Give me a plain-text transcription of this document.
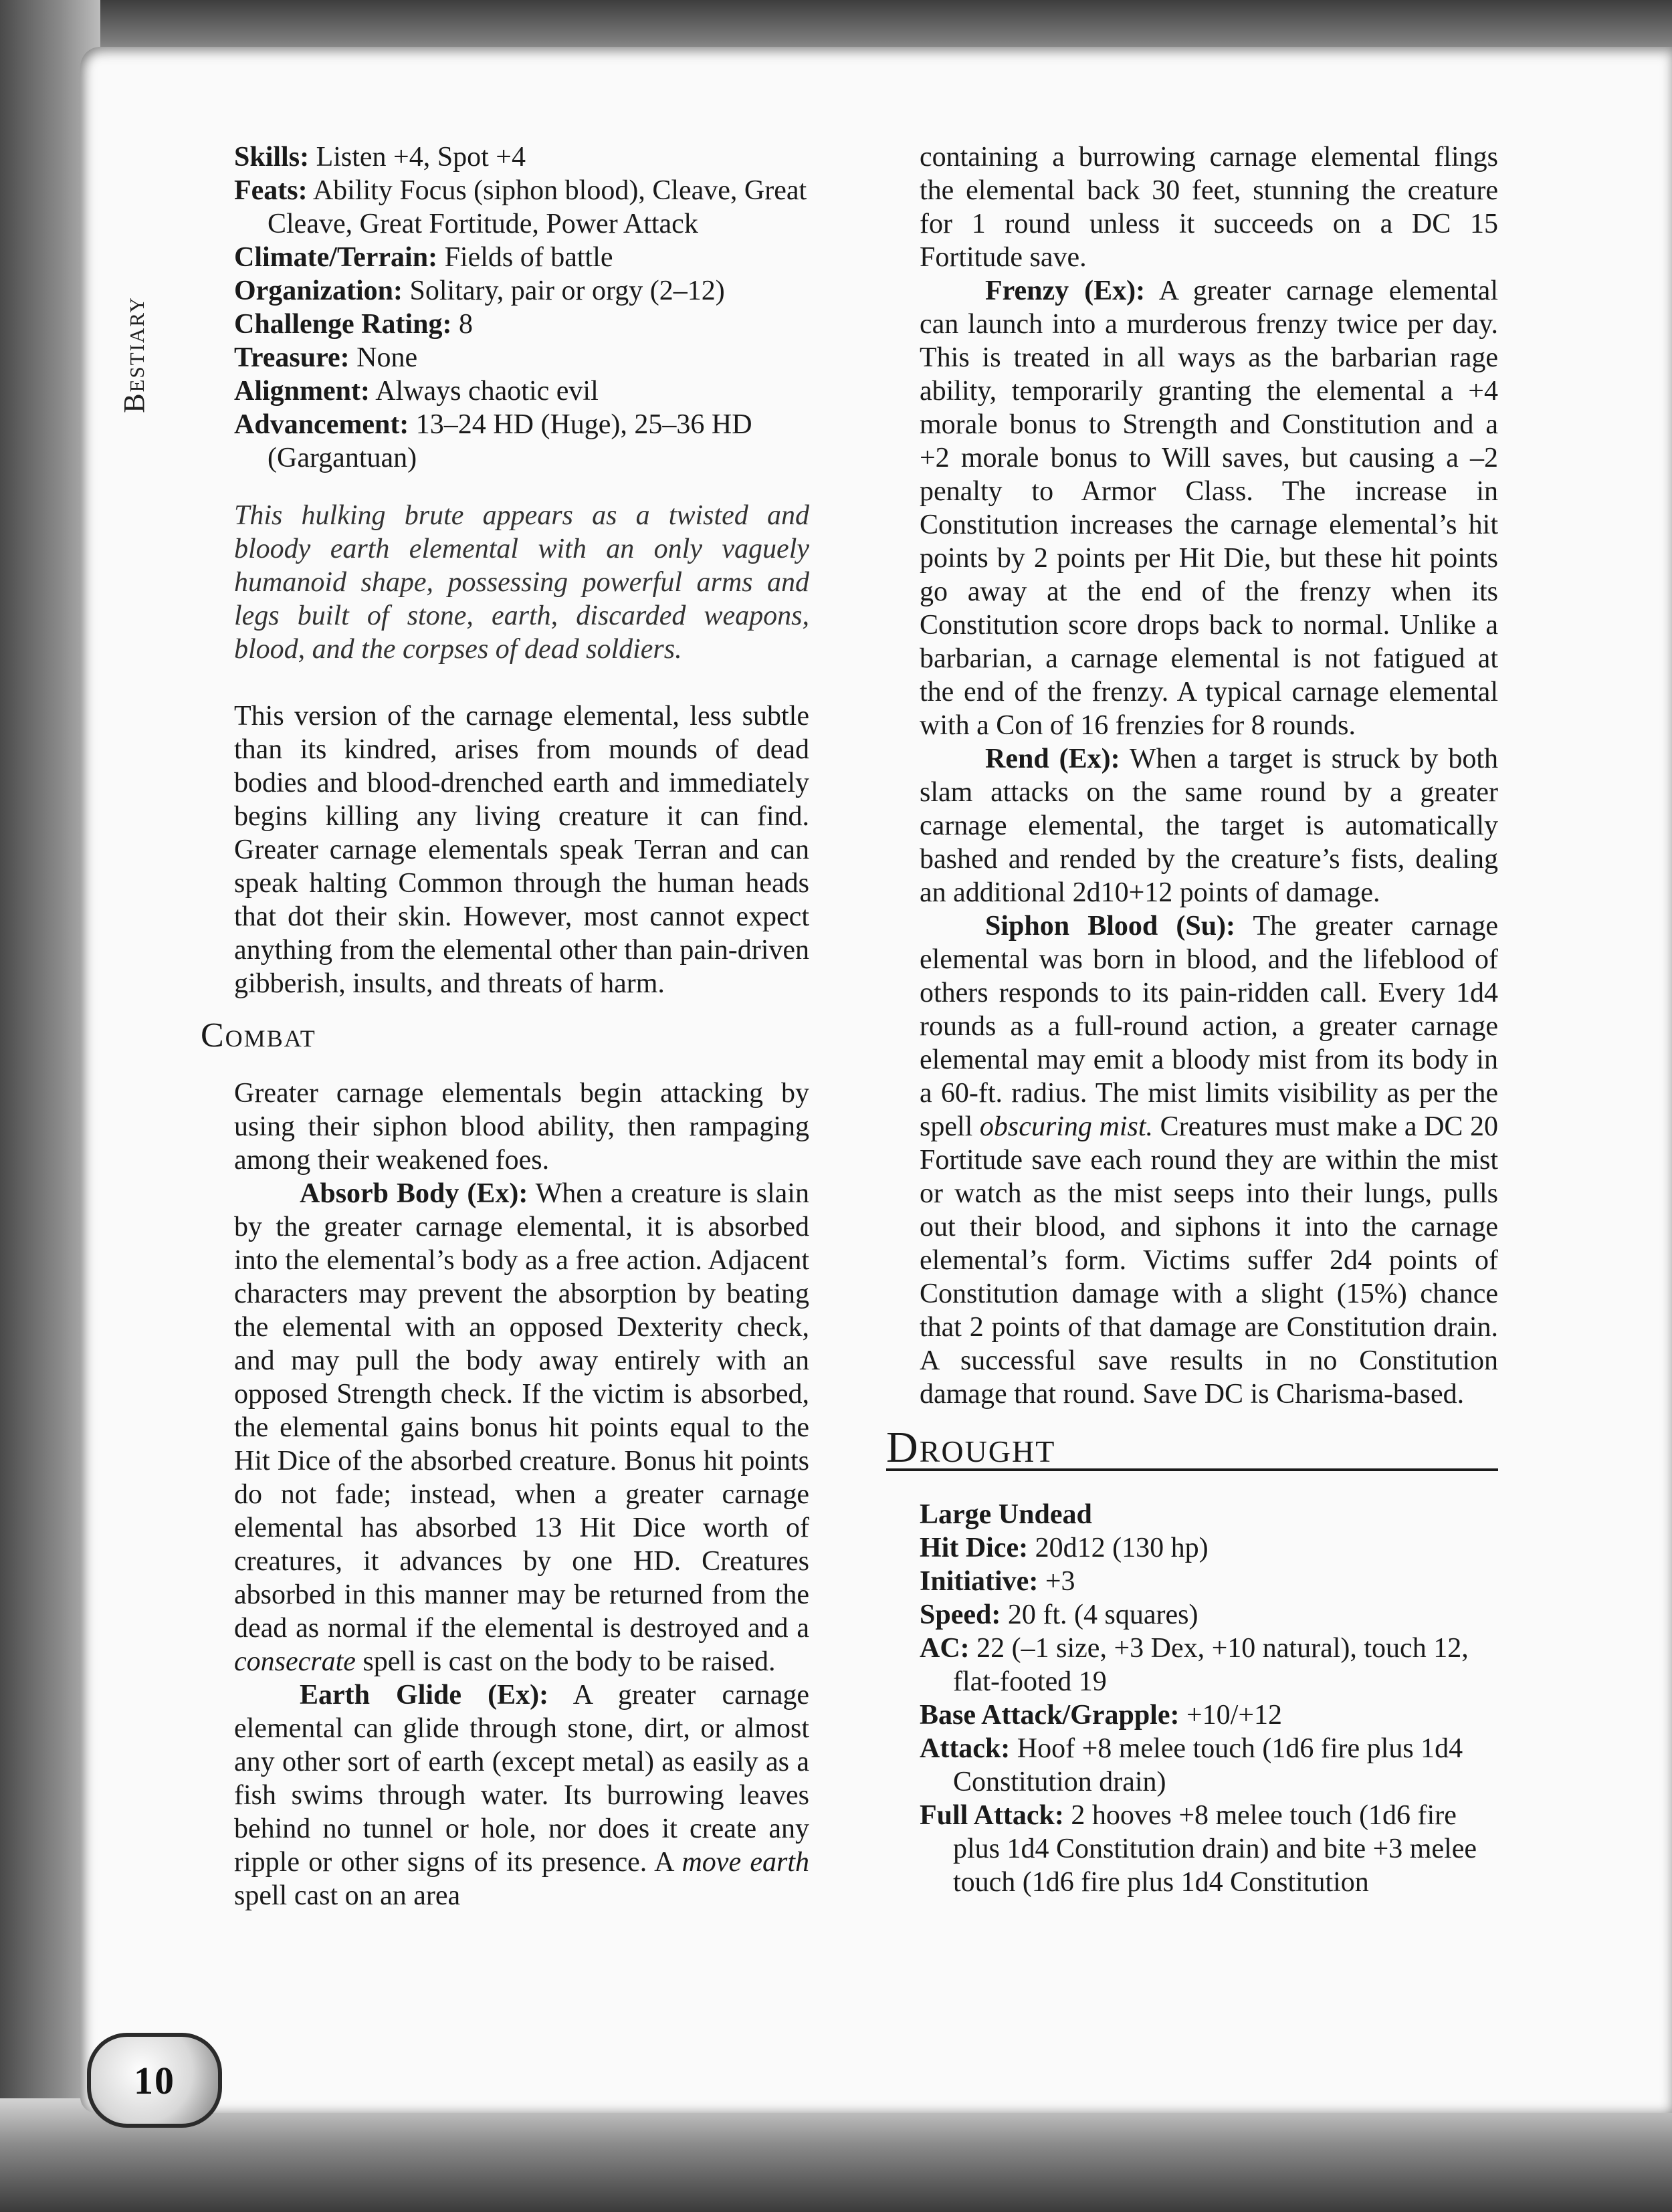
Bestiary
10

Skills: Listen +4, Spot +4

Feats: Ability Focus (siphon blood), Cleave, Great Cleave, Great Fortitude, Power Attack

Climate/Terrain: Fields of battle

Organization: Solitary, pair or orgy (2–12)

Challenge Rating: 8

Treasure: None

Alignment: Always chaotic evil

Advancement: 13–24 HD (Huge), 25–36 HD (Gargantuan)

This hulking brute appears as a twisted and bloody earth elemental with an only vaguely humanoid shape, possessing powerful arms and legs built of stone, earth, discarded weapons, blood, and the corpses of dead soldiers.

This version of the carnage elemental, less subtle than its kindred, arises from mounds of dead bodies and blood-drenched earth and immediately begins killing any living creature it can find. Greater carnage elementals speak Terran and can speak halting Common through the human heads that dot their skin. However, most cannot expect anything from the elemental other than pain-driven gibberish, insults, and threats of harm.

Combat

Greater carnage elementals begin attacking by using their siphon blood ability, then rampaging among their weakened foes.

Absorb Body (Ex): When a creature is slain by the greater carnage elemental, it is absorbed into the elemental’s body as a free action. Adjacent characters may prevent the absorption by beating the elemental with an opposed Dexterity check, and may pull the body away entirely with an opposed Strength check. If the victim is absorbed, the elemental gains bonus hit points equal to the Hit Dice of the absorbed creature. Bonus hit points do not fade; instead, when a greater carnage elemental has absorbed 13 Hit Dice worth of creatures, it advances by one HD. Creatures absorbed in this manner may be returned from the dead as normal if the elemental is destroyed and a consecrate spell is cast on the body to be raised.

Earth Glide (Ex): A greater carnage elemental can glide through stone, dirt, or almost any other sort of earth (except metal) as easily as a fish swims through water. Its burrowing leaves behind no tunnel or hole, nor does it create any ripple or other signs of its presence. A move earth spell cast on an area

containing a burrowing carnage elemental flings the elemental back 30 feet, stunning the creature for 1 round unless it succeeds on a DC 15 Fortitude save.

Frenzy (Ex): A greater carnage elemental can launch into a murderous frenzy twice per day. This is treated in all ways as the barbarian rage ability, temporarily granting the elemental a +4 morale bonus to Strength and Constitution and a +2 morale bonus to Will saves, but causing a –2 penalty to Armor Class. The increase in Constitution increases the carnage elemental’s hit points by 2 points per Hit Die, but these hit points go away at the end of the frenzy when its Constitution score drops back to normal. Unlike a barbarian, a carnage elemental is not fatigued at the end of the frenzy. A typical carnage elemental with a Con of 16 frenzies for 8 rounds.

Rend (Ex): When a target is struck by both slam attacks on the same round by a greater carnage elemental, the target is automatically bashed and rended by the creature’s fists, dealing an additional 2d10+12 points of damage.

Siphon Blood (Su): The greater carnage elemental was born in blood, and the lifeblood of others responds to its pain-ridden call. Every 1d4 rounds as a full-round action, a greater carnage elemental may emit a bloody mist from its body in a 60-ft. radius. The mist limits visibility as per the spell obscuring mist. Creatures must make a DC 20 Fortitude save each round they are within the mist or watch as the mist seeps into their lungs, pulls out their blood, and siphons it into the carnage elemental’s form. Victims suffer 2d4 points of Constitution damage with a slight (15%) chance that 2 points of that damage are Constitution drain. A successful save results in no Constitution damage that round. Save DC is Charisma-based.

Drought

Large Undead

Hit Dice: 20d12 (130 hp)

Initiative: +3

Speed: 20 ft. (4 squares)

AC: 22 (–1 size, +3 Dex, +10 natural), touch 12, flat-footed 19

Base Attack/Grapple: +10/+12

Attack: Hoof +8 melee touch (1d6 fire plus 1d4 Constitution drain)

Full Attack: 2 hooves +8 melee touch (1d6 fire plus 1d4 Constitution drain) and bite +3 melee touch (1d6 fire plus 1d4 Constitution
